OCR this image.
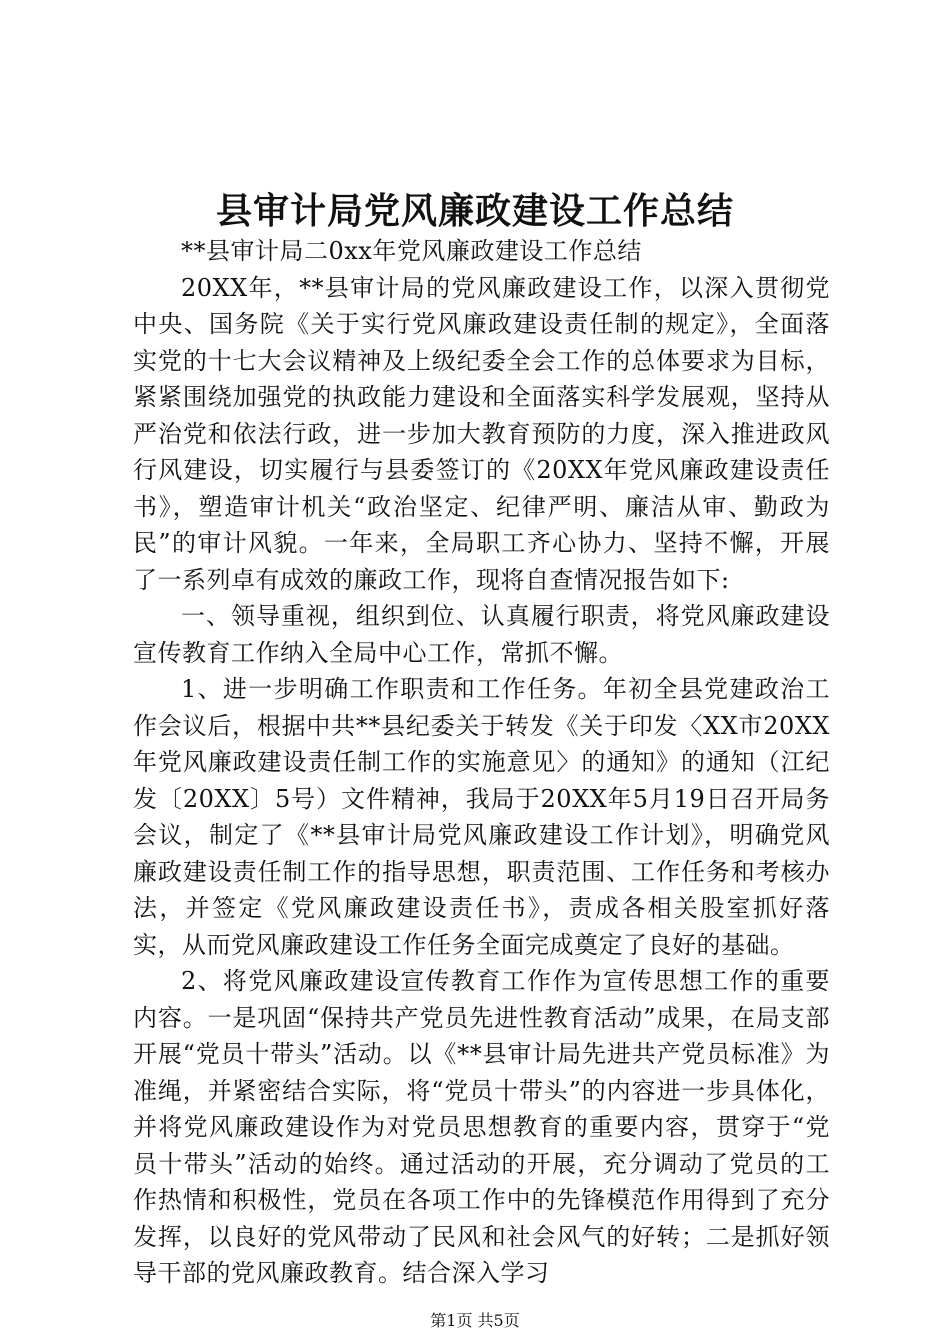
县审计局党风廉政建设工作总结

**县审计局二0xx年党风廉政建设工作总结

20XX年，**县审计局的党风廉政建设工作，以深入贯彻党中央、国务院《关于实行党风廉政建设责任制的规定》，全面落实党的十七大会议精神及上级纪委全会工作的总体要求为目标，紧紧围绕加强党的执政能力建设和全面落实科学发展观，坚持从严治党和依法行政，进一步加大教育预防的力度，深入推进政风行风建设，切实履行与县委签订的《20XX年党风廉政建设责任书》，塑造审计机关“政治坚定、纪律严明、廉洁从审、勤政为民”的审计风貌。一年来，全局职工齐心协力、坚持不懈，开展了一系列卓有成效的廉政工作，现将自查情况报告如下:

一、领导重视，组织到位、认真履行职责，将党风廉政建设宣传教育工作纳入全局中心工作，常抓不懈。

1、进一步明确工作职责和工作任务。年初全县党建政治工作会议后，根据中共**县纪委关于转发《关于印发〈XX市20XX年党风廉政建设责任制工作的实施意见〉的通知》的通知（江纪发〔20XX〕5号）文件精神，我局于20XX年5月19日召开局务会议，制定了《**县审计局党风廉政建设工作计划》，明确党风廉政建设责任制工作的指导思想，职责范围、工作任务和考核办法，并签定《党风廉政建设责任书》，责成各相关股室抓好落实，从而党风廉政建设工作任务全面完成奠定了良好的基础。

2、将党风廉政建设宣传教育工作作为宣传思想工作的重要内容。一是巩固“保持共产党员先进性教育活动”成果，在局支部开展“党员十带头”活动。以《**县审计局先进共产党员标准》为准绳，并紧密结合实际，将“党员十带头”的内容进一步具体化，并将党风廉政建设作为对党员思想教育的重要内容，贯穿于“党员十带头”活动的始终。通过活动的开展，充分调动了党员的工作热情和积极性，党员在各项工作中的先锋模范作用得到了充分发挥，以良好的党风带动了民风和社会风气的好转；二是抓好领导干部的党风廉政教育。结合深入学习

第1页 共5页
